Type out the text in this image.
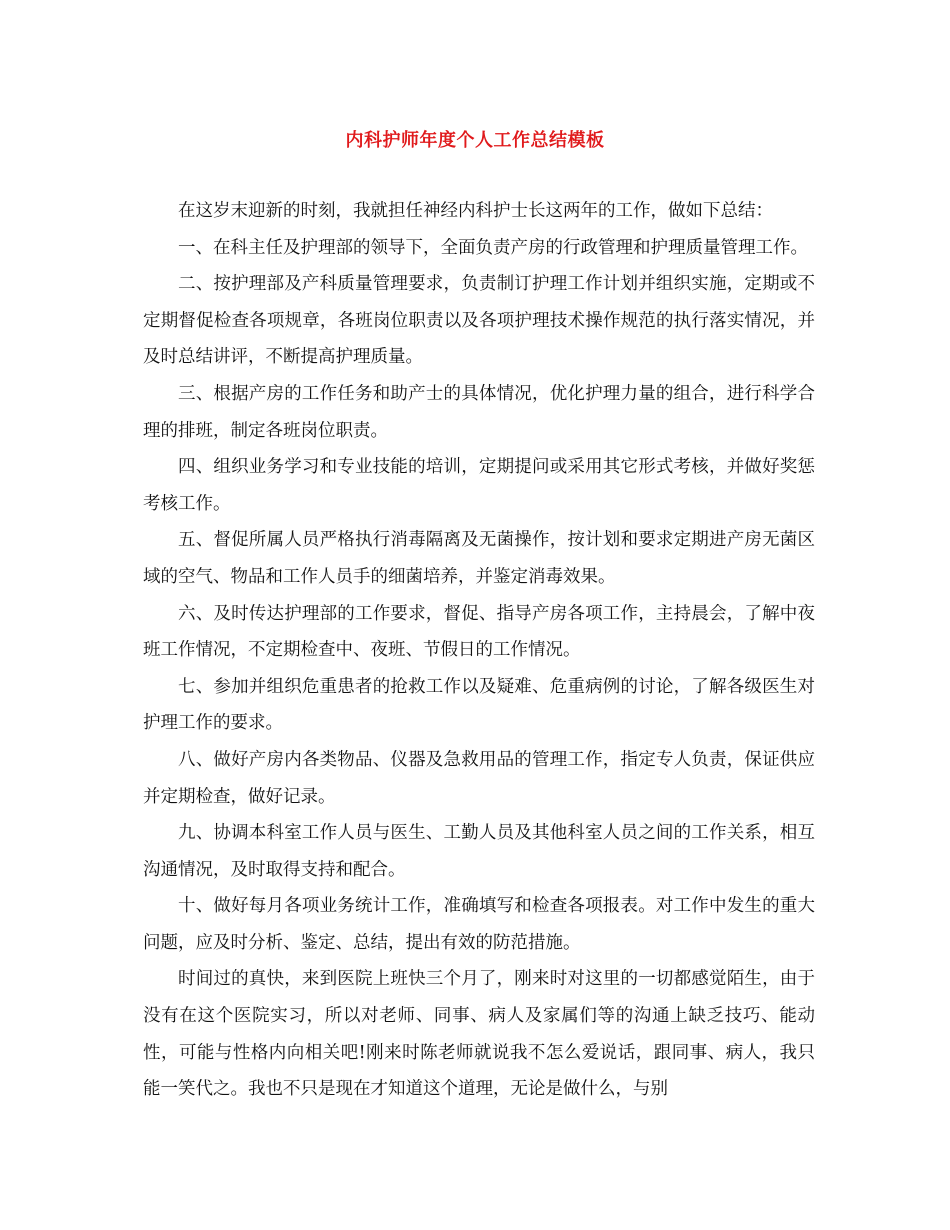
内科护师年度个人工作总结模板

在这岁末迎新的时刻，我就担任神经内科护士长这两年的工作，做如下总结：

一、在科主任及护理部的领导下，全面负责产房的行政管理和护理质量管理工作。

二、按护理部及产科质量管理要求，负责制订护理工作计划并组织实施，定期或不定期督促检查各项规章，各班岗位职责以及各项护理技术操作规范的执行落实情况，并及时总结讲评，不断提高护理质量。

三、根据产房的工作任务和助产士的具体情况，优化护理力量的组合，进行科学合理的排班，制定各班岗位职责。

四、组织业务学习和专业技能的培训，定期提问或采用其它形式考核，并做好奖惩考核工作。

五、督促所属人员严格执行消毒隔离及无菌操作，按计划和要求定期进产房无菌区域的空气、物品和工作人员手的细菌培养，并鉴定消毒效果。

六、及时传达护理部的工作要求，督促、指导产房各项工作，主持晨会，了解中夜班工作情况，不定期检查中、夜班、节假日的工作情况。

七、参加并组织危重患者的抢救工作以及疑难、危重病例的讨论，了解各级医生对护理工作的要求。

八、做好产房内各类物品、仪器及急救用品的管理工作，指定专人负责，保证供应并定期检查，做好记录。

九、协调本科室工作人员与医生、工勤人员及其他科室人员之间的工作关系，相互沟通情况，及时取得支持和配合。

十、做好每月各项业务统计工作，准确填写和检查各项报表。对工作中发生的重大问题，应及时分析、鉴定、总结，提出有效的防范措施。

时间过的真快，来到医院上班快三个月了，刚来时对这里的一切都感觉陌生，由于没有在这个医院实习，所以对老师、同事、病人及家属们等的沟通上缺乏技巧、能动性，可能与性格内向相关吧!刚来时陈老师就说我不怎么爱说话，跟同事、病人，我只能一笑代之。我也不只是现在才知道这个道理，无论是做什么，与别
